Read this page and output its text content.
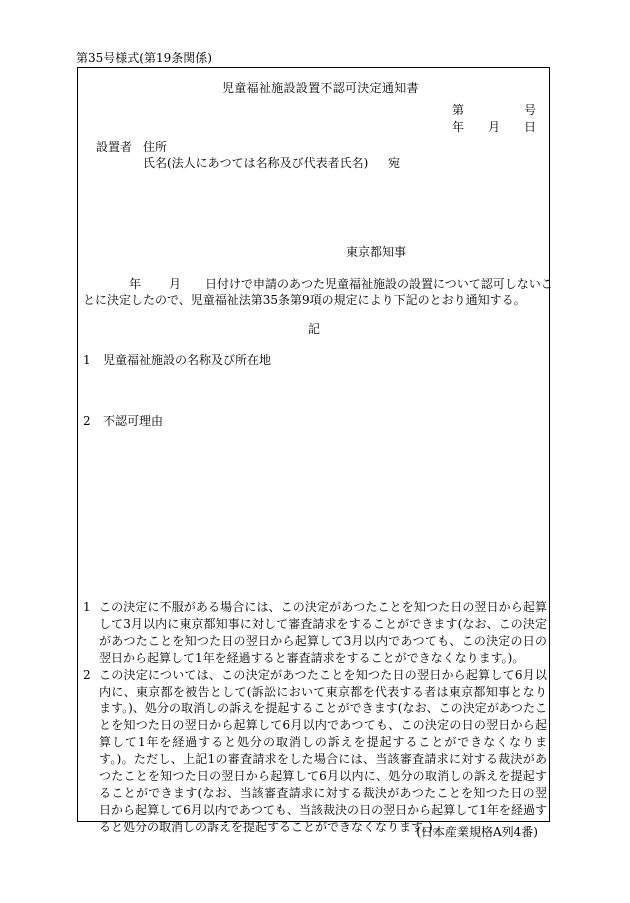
第35号様式(第19条関係)
児童福祉施設設置不認可決定通知書
第	号
年 月 日
設置者 住所
氏名(法人にあつては名称及び代表者氏名) 宛
東京都知事
年 月 日付けで申請のあつた児童福祉施設の設置について認可しないこ
とに決定したので、児童福祉法第35条第9項の規定により下記のとおり通知する。
記
1 児童福祉施設の名称及び所在地
2 不認可理由
1 この決定に不服がある場合には、この決定があつたことを知つた日の翌日から起算して3月以内に東京都知事に対して審査請求をすることができます(なお、この決定があつたことを知つた日の翌日から起算して3月以内であつても、この決定の日の翌日から起算して1年を経過すると審査請求をすることができなくなります。)。
2 この決定については、この決定があつたことを知つた日の翌日から起算して6月以内に、東京都を被告として(訴訟において東京都を代表する者は東京都知事となります。)、処分の取消しの訴えを提起することができます(なお、この決定があつたことを知つた日の翌日から起算して6月以内であつても、この決定の日の翌日から起算して1年を経過すると処分の取消しの訴えを提起することができなくなります。)。ただし、上記1の審査請求をした場合には、当該審査請求に対する裁決があつたことを知つた日の翌日から起算して6月以内に、処分の取消しの訴えを提起することができます(なお、当該審査請求に対する裁決があつたことを知つた日の翌日から起算して6月以内であつても、当該裁決の日の翌日から起算して1年を経過すると処分の取消しの訴えを提起することができなくなります。)。
(日本産業規格A列4番)
